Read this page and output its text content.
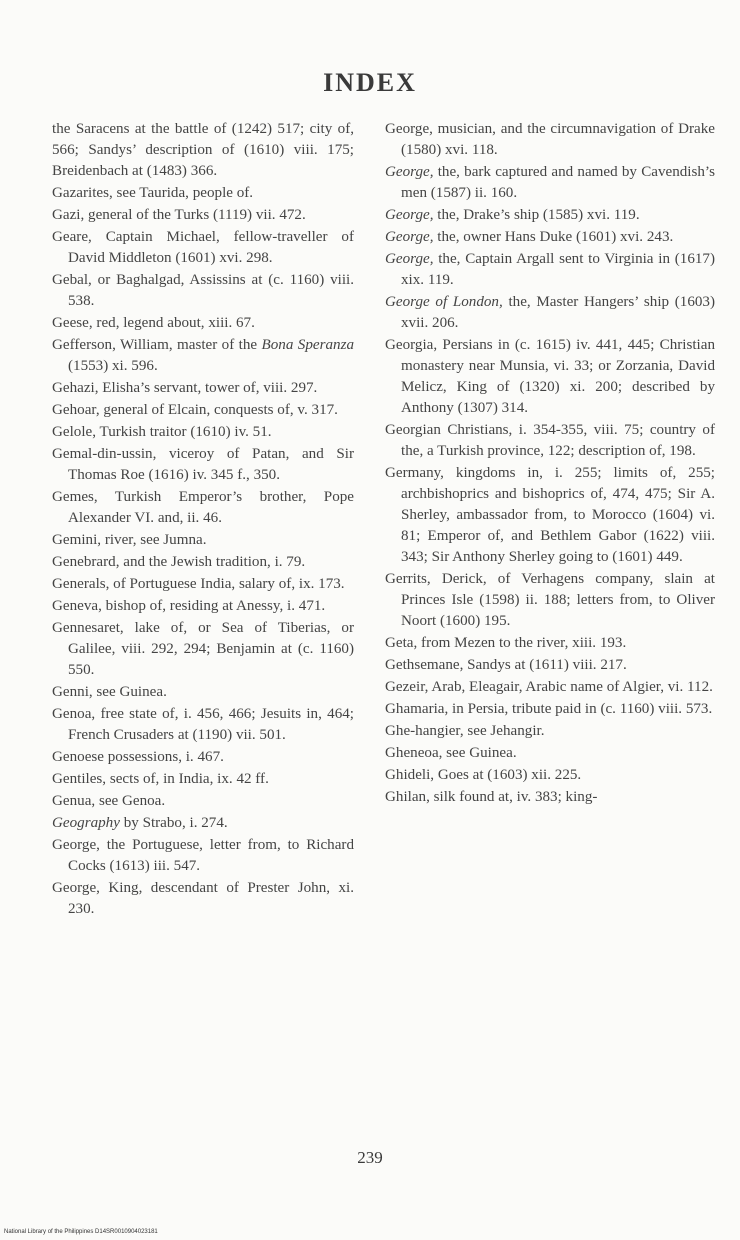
INDEX
the Saracens at the battle of (1242) 517; city of, 566; Sandys’ description of (1610) viii. 175; Breidenbach at (1483) 366.
Gazarites, see Taurida, people of.
Gazi, general of the Turks (1119) vii. 472.
Geare, Captain Michael, fellow-traveller of David Middleton (1601) xvi. 298.
Gebal, or Baghalgad, Assissins at (c. 1160) viii. 538.
Geese, red, legend about, xiii. 67.
Gefferson, William, master of the Bona Speranza (1553) xi. 596.
Gehazi, Elisha’s servant, tower of, viii. 297.
Gehoar, general of Elcain, conquests of, v. 317.
Gelole, Turkish traitor (1610) iv. 51.
Gemal-din-ussin, viceroy of Patan, and Sir Thomas Roe (1616) iv. 345 f., 350.
Gemes, Turkish Emperor’s brother, Pope Alexander VI. and, ii. 46.
Gemini, river, see Jumna.
Genebrard, and the Jewish tradition, i. 79.
Generals, of Portuguese India, salary of, ix. 173.
Geneva, bishop of, residing at Anessy, i. 471.
Gennesaret, lake of, or Sea of Tiberias, or Galilee, viii. 292, 294; Benjamin at (c. 1160) 550.
Genni, see Guinea.
Genoa, free state of, i. 456, 466; Jesuits in, 464; French Crusaders at (1190) vii. 501.
Genoese possessions, i. 467.
Gentiles, sects of, in India, ix. 42 ff.
Genua, see Genoa.
Geography by Strabo, i. 274.
George, the Portuguese, letter from, to Richard Cocks (1613) iii. 547.
George, King, descendant of Prester John, xi. 230.
George, musician, and the circumnavigation of Drake (1580) xvi. 118.
George, the, bark captured and named by Cavendish’s men (1587) ii. 160.
George, the, Drake’s ship (1585) xvi. 119.
George, the, owner Hans Duke (1601) xvi. 243.
George, the, Captain Argall sent to Virginia in (1617) xix. 119.
George of London, the, Master Hangers’ ship (1603) xvii. 206.
Georgia, Persians in (c. 1615) iv. 441, 445; Christian monastery near Munsia, vi. 33; or Zorzania, David Melicz, King of (1320) xi. 200; described by Anthony (1307) 314.
Georgian Christians, i. 354-355, viii. 75; country of the, a Turkish province, 122; description of, 198.
Germany, kingdoms in, i. 255; limits of, 255; archbishoprics and bishoprics of, 474, 475; Sir A. Sherley, ambassador from, to Morocco (1604) vi. 81; Emperor of, and Bethlem Gabor (1622) viii. 343; Sir Anthony Sherley going to (1601) 449.
Gerrits, Derick, of Verhagens company, slain at Princes Isle (1598) ii. 188; letters from, to Oliver Noort (1600) 195.
Geta, from Mezen to the river, xiii. 193.
Gethsemane, Sandys at (1611) viii. 217.
Gezeir, Arab, Eleagair, Arabic name of Algier, vi. 112.
Ghamaria, in Persia, tribute paid in (c. 1160) viii. 573.
Ghe-hangier, see Jehangir.
Gheneoa, see Guinea.
Ghideli, Goes at (1603) xii. 225.
Ghilan, silk found at, iv. 383; king-
239
National Library of the Philippines D14SR0010904023181
